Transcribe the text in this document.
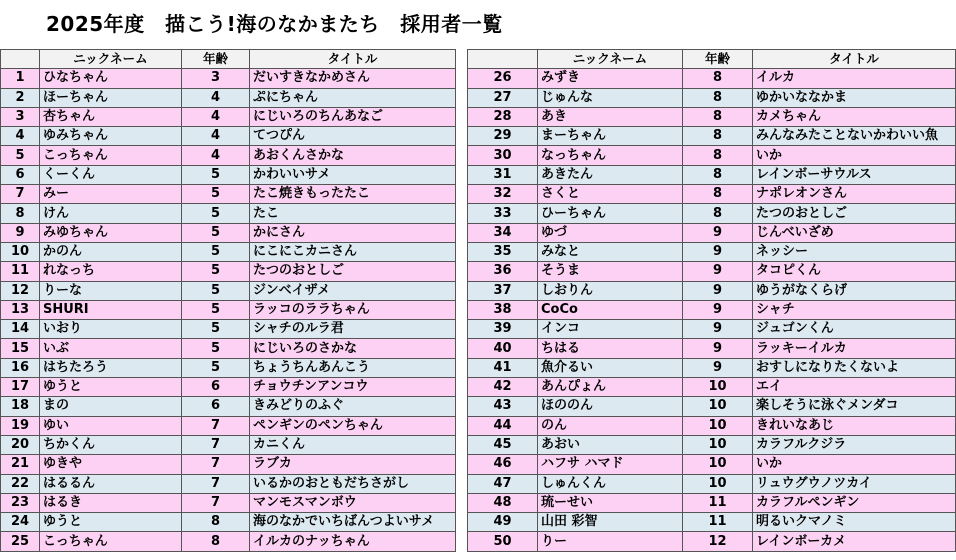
2025年度　描こう!海のなかまたち　採用者一覧
	ニックネーム	年齢	タイトル
1	ひなちゃん	3	だいすきなかめさん
2	ほーちゃん	4	ぷにちゃん
3	杏ちゃん	4	にじいろのちんあなご
4	ゆみちゃん	4	てつぴん
5	こっちゃん	4	あおくんさかな
6	くーくん	5	かわいいサメ
7	みー	5	たこ焼きもったたこ
8	けん	5	たこ
9	みゆちゃん	5	かにさん
10	かのん	5	にこにこカニさん
11	れなっち	5	たつのおとしご
12	りーな	5	ジンベイザメ
13	SHURI	5	ラッコのララちゃん
14	いおり	5	シャチのルラ君
15	いぶ	5	にじいろのさかな
16	はちたろう	5	ちょうちんあんこう
17	ゆうと	6	チョウチンアンコウ
18	まの	6	きみどりのふぐ
19	ゆい	7	ペンギンのペンちゃん
20	ちかくん	7	カニくん
21	ゆきや	7	ラブカ
22	はるるん	7	いるかのおともだちさがし
23	はるき	7	マンモスマンボウ
24	ゆうと	8	海のなかでいちばんつよいサメ
25	こっちゃん	8	イルカのナッちゃん
	ニックネーム	年齢	タイトル
26	みずき	8	イルカ
27	じゅんな	8	ゆかいななかま
28	あき	8	カメちゃん
29	まーちゃん	8	みんなみたことないかわいい魚
30	なっちゃん	8	いか
31	あきたん	8	レインボーサウルス
32	さくと	8	ナポレオンさん
33	ひーちゃん	8	たつのおとしご
34	ゆづ	9	じんべいざめ
35	みなと	9	ネッシー
36	そうま	9	タコピくん
37	しおりん	9	ゆうがなくらげ
38	CoCo	9	シャチ
39	インコ	9	ジュゴンくん
40	ちはる	9	ラッキーイルカ
41	魚介るい	9	おすしになりたくないよ
42	あんぴょん	10	エイ
43	ほののん	10	楽しそうに泳ぐメンダコ
44	のん	10	きれいなあじ
45	あおい	10	カラフルクジラ
46	ハフサ ハマド	10	いか
47	しゅんくん	10	リュウグウノツカイ
48	琉ーせい	11	カラフルペンギン
49	山田 彩智	11	明るいクマノミ
50	りー	12	レインボーカメ
